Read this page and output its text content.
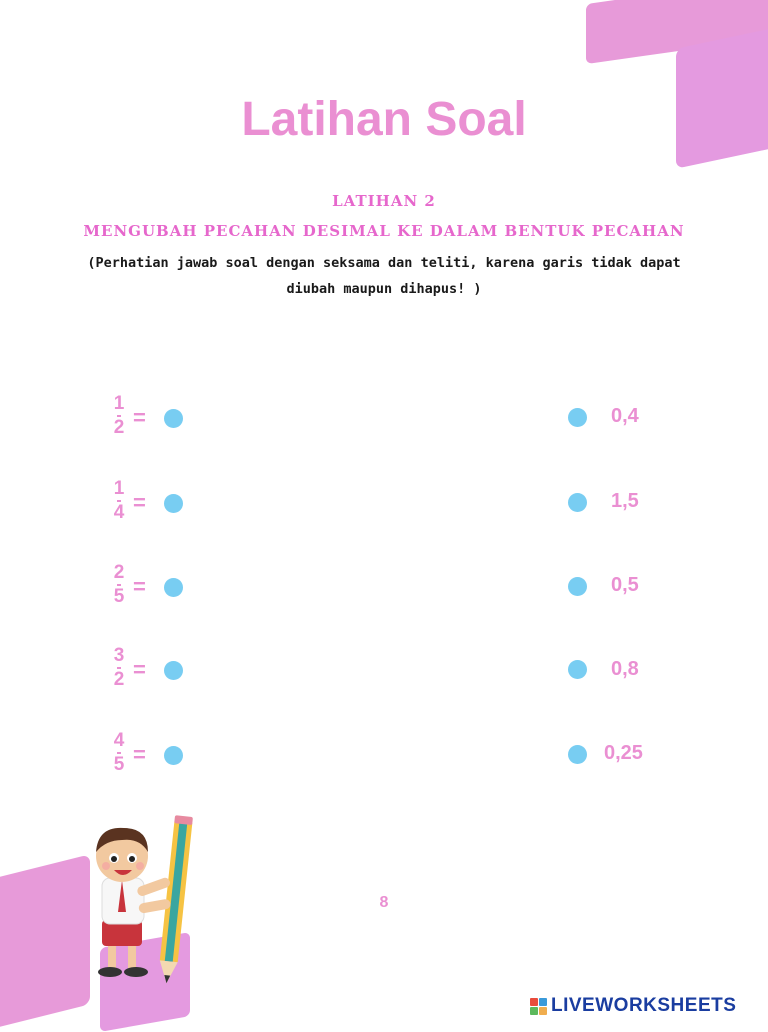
Latihan Soal
LATIHAN 2
MENGUBAH PECAHAN DESIMAL KE DALAM BENTUK PECAHAN
(Perhatian jawab soal dengan seksama dan teliti, karena garis tidak dapat
diubah maupun dihapus! )
1
2 =
1
4 =
2
5 =
3
2 =
4
5 =
0,4
1,5
0,5
0,8
0,25
8
LIVEWORKSHEETS
